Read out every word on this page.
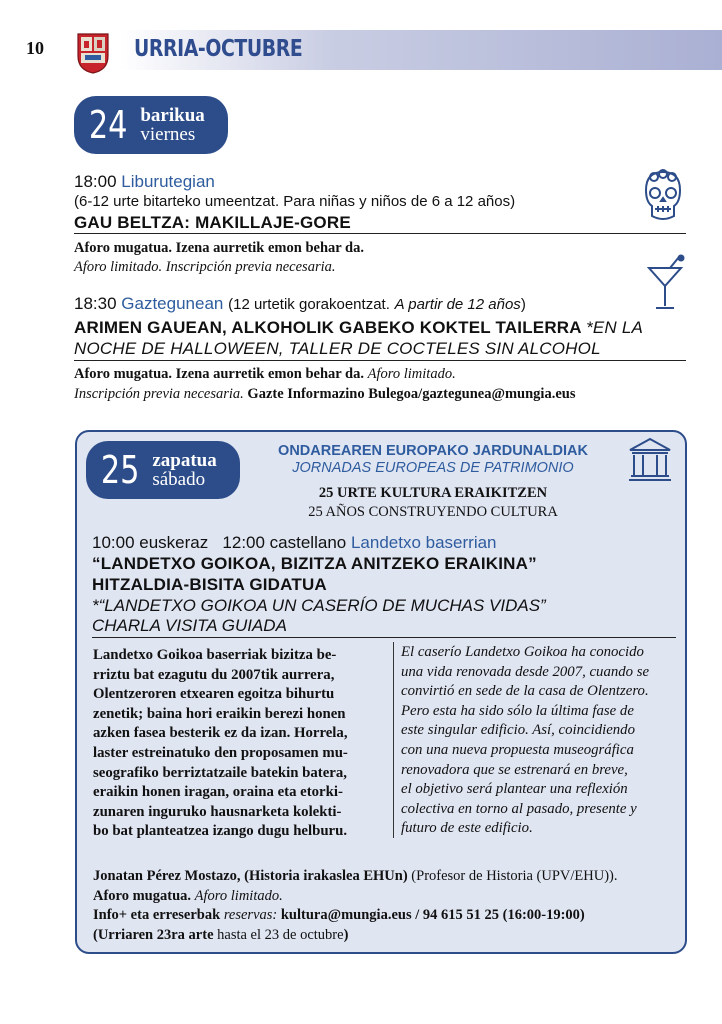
10	URRIA-OCTUBRE
24 barikua
viernes
18:00 Liburutegian
(6-12 urte bitarteko umeentzat. Para niñas y niños de 6 a 12 años)
GAU BELTZA: MAKILLAJE-GORE
Aforo mugatua. Izena aurretik emon behar da.
Aforo limitado. Inscripción previa necesaria.
18:30 Gaztegunean (12 urtetik gorakoentzat. A partir de 12 años)
ARIMEN GAUEAN, ALKOHOLIK GABEKO KOKTEL TAILERRA *EN LA
NOCHE DE HALLOWEEN, TALLER DE COCTELES SIN ALCOHOL
Aforo mugatua. Izena aurretik emon behar da. Aforo limitado.
Inscripción previa necesaria. Gazte Informazino Bulegoa/gaztegunea@mungia.eus
25 zapatua
sábado
ONDAREAREN EUROPAKO JARDUNALDIAK
JORNADAS EUROPEAS DE PATRIMONIO
25 URTE KULTURA ERAIKITZEN
25 AÑOS CONSTRUYENDO CULTURA
10:00 euskeraz   12:00 castellano Landetxo baserrian
“LANDETXO GOIKOA, BIZITZA ANITZEKO ERAIKINA”
HITZALDIA-BISITA GIDATUA
*“LANDETXO GOIKOA UN CASERÍO DE MUCHAS VIDAS”
CHARLA VISITA GUIADA
Landetxo Goikoa baserriak bizitza be-
rriztu bat ezagutu du 2007tik aurrera,
Olentzeroren etxearen egoitza bihurtu
zenetik; baina hori eraikin berezi honen
azken fasea besterik ez da izan. Horrela,
laster estreinatuko den proposamen mu-
seografiko berriztatzaile batekin batera,
eraikin honen iragan, oraina eta etorki-
zunaren inguruko hausnarketa kolekti-
bo bat planteatzea izango dugu helburu.
El caserío Landetxo Goikoa ha conocido
una vida renovada desde 2007, cuando se
convirtió en sede de la casa de Olentzero.
Pero esta ha sido sólo la última fase de
este singular edificio. Así, coincidiendo
con una nueva propuesta museográfica
renovadora que se estrenará en breve,
el objetivo será plantear una reflexión
colectiva en torno al pasado, presente y
futuro de este edificio.
Jonatan Pérez Mostazo, (Historia irakaslea EHUn) (Profesor de Historia (UPV/EHU)).
Aforo mugatua. Aforo limitado.
Info+ eta erreserbak reservas: kultura@mungia.eus / 94 615 51 25 (16:00-19:00)
(Urriaren 23ra arte hasta el 23 de octubre)
